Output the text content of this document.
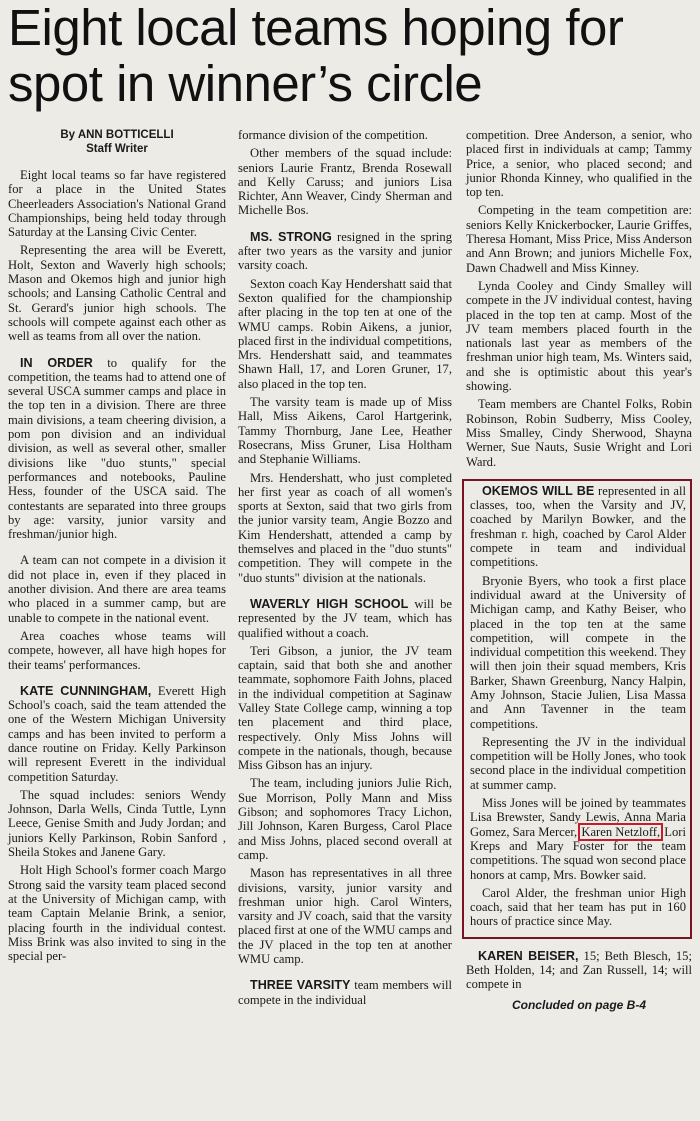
Eight local teams hoping for spot in winner’s circle
By ANN BOTTICELLI
Staff Writer

Eight local teams so far have registered for a place in the United States Cheerleaders Association's National Grand Championships, being held today through Saturday at the Lansing Civic Center.

Representing the area will be Everett, Holt, Sexton and Waverly high schools; Mason and Okemos high and junior high schools; and Lansing Catholic Central and St. Gerard's junior high schools. The schools will compete against each other as well as teams from all over the nation.

IN ORDER to qualify for the competition, the teams had to attend one of several USCA summer camps and place in the top ten in a division. There are three main divisions, a team cheering division, a pom pon division and an individual division, as well as several other, smaller divisions like "duo stunts," special performances and notebooks, Pauline Hess, founder of the USCA said. The contestants are separated into three groups by age: varsity, junior varsity and freshman/junior high.

A team can not compete in a division it did not place in, even if they placed in another division. And there are area teams who placed in a summer camp, but are unable to compete in the national event.

Area coaches whose teams will compete, however, all have high hopes for their teams' performances.

KATE CUNNINGHAM, Everett High School's coach, said the team attended the one of the Western Michigan University camps and has been invited to perform a dance routine on Friday. Kelly Parkinson will represent Everett in the individual competition Saturday.

The squad includes: seniors Wendy Johnson, Darla Wells, Cinda Tuttle, Lynn Leece, Genise Smith and Judy Jordan; and juniors Kelly Parkinson, Robin Sanford , Sheila Stokes and Janene Gary.

Holt High School's former coach Margo Strong said the varsity team placed second at the University of Michigan camp, with team Captain Melanie Brink, a senior, placing fourth in the individual contest. Miss Brink was also invited to sing in the special per-

formance division of the competition.

Other members of the squad include: seniors Laurie Frantz, Brenda Rosewall and Kelly Caruss; and juniors Lisa Richter, Ann Weaver, Cindy Sherman and Michelle Bos.

MS. STRONG resigned in the spring after two years as the varsity and junior varsity coach.

Sexton coach Kay Hendershatt said that Sexton qualified for the championship after placing in the top ten at one of the WMU camps. Robin Aikens, a junior, placed first in the individual competitions, Mrs. Hendershatt said, and teammates Shawn Hall, 17, and Loren Gruner, 17, also placed in the top ten.

The varsity team is made up of Miss Hall, Miss Aikens, Carol Hartgerink, Tammy Thornburg, Jane Lee, Heather Rosecrans, Miss Gruner, Lisa Holtham and Stephanie Williams.

Mrs. Hendershatt, who just completed her first year as coach of all women's sports at Sexton, said that two girls from the junior varsity team, Angie Bozzo and Kim Hendershatt, attended a camp by themselves and placed in the "duo stunts" competition. They will compete in the "duo stunts" division at the nationals.

WAVERLY HIGH SCHOOL will be represented by the JV team, which has qualified without a coach.

Teri Gibson, a junior, the JV team captain, said that both she and another teammate, sophomore Faith Johns, placed in the individual competition at Saginaw Valley State College camp, winning a top ten placement and third place, respectively. Only Miss Johns will compete in the nationals, though, because Miss Gibson has an injury.

The team, including juniors Julie Rich, Sue Morrison, Polly Mann and Miss Gibson; and sophomores Tracy Lichon, Jill Johnson, Karen Burgess, Carol Place and Miss Johns, placed second overall at camp.

Mason has representatives in all three divisions, varsity, junior varsity and freshman unior high. Carol Winters, varsity and JV coach, said that the varsity placed first at one of the WMU camps and the JV placed in the top ten at another WMU camp.

THREE VARSITY team members will compete in the individual

competition. Dree Anderson, a senior, who placed first in individuals at camp; Tammy Price, a senior, who placed second; and junior Rhonda Kinney, who qualified in the top ten.

Competing in the team competition are: seniors Kelly Knickerbocker, Laurie Griffes, Theresa Homant, Miss Price, Miss Anderson and Ann Brown; and juniors Michelle Fox, Dawn Chadwell and Miss Kinney.

Lynda Cooley and Cindy Smalley will compete in the JV individual contest, having placed in the top ten at camp. Most of the JV team members placed fourth in the nationals last year as members of the freshman unior high team, Ms. Winters said, and she is optimistic about this year's showing.

Team members are Chantel Folks, Robin Robinson, Robin Sudberry, Miss Cooley, Miss Smalley, Cindy Sherwood, Shayna Werner, Sue Nauts, Susie Wright and Lori Ward.

OKEMOS WILL BE represented in all classes, too, when the Varsity and JV, coached by Marilyn Bowker, and the freshman r. high, coached by Carol Alder compete in team and individual competitions.

Bryonie Byers, who took a first place individual award at the University of Michigan camp, and Kathy Beiser, who placed in the top ten at the same competition, will compete in the individual competition this weekend. They will then join their squad members, Kris Barker, Shawn Greenburg, Nancy Halpin, Amy Johnson, Stacie Julien, Lisa Massa and Ann Tavenner in the team competitions.

Representing the JV in the individual competition will be Holly Jones, who took second place in the individual competition at summer camp.

Miss Jones will be joined by teammates Lisa Brewster, Sandy Lewis, Anna Maria Gomez, Sara Mercer, Karen Netzloff, Lori Kreps and Mary Foster for the team competitions. The squad won second place honors at camp, Mrs. Bowker said.

Carol Alder, the freshman unior High coach, said that her team has put in 160 hours of practice since May.

KAREN BEISER, 15; Beth Blesch, 15; Beth Holden, 14; and Zan Russell, 14; will compete in

Concluded on page B-4
